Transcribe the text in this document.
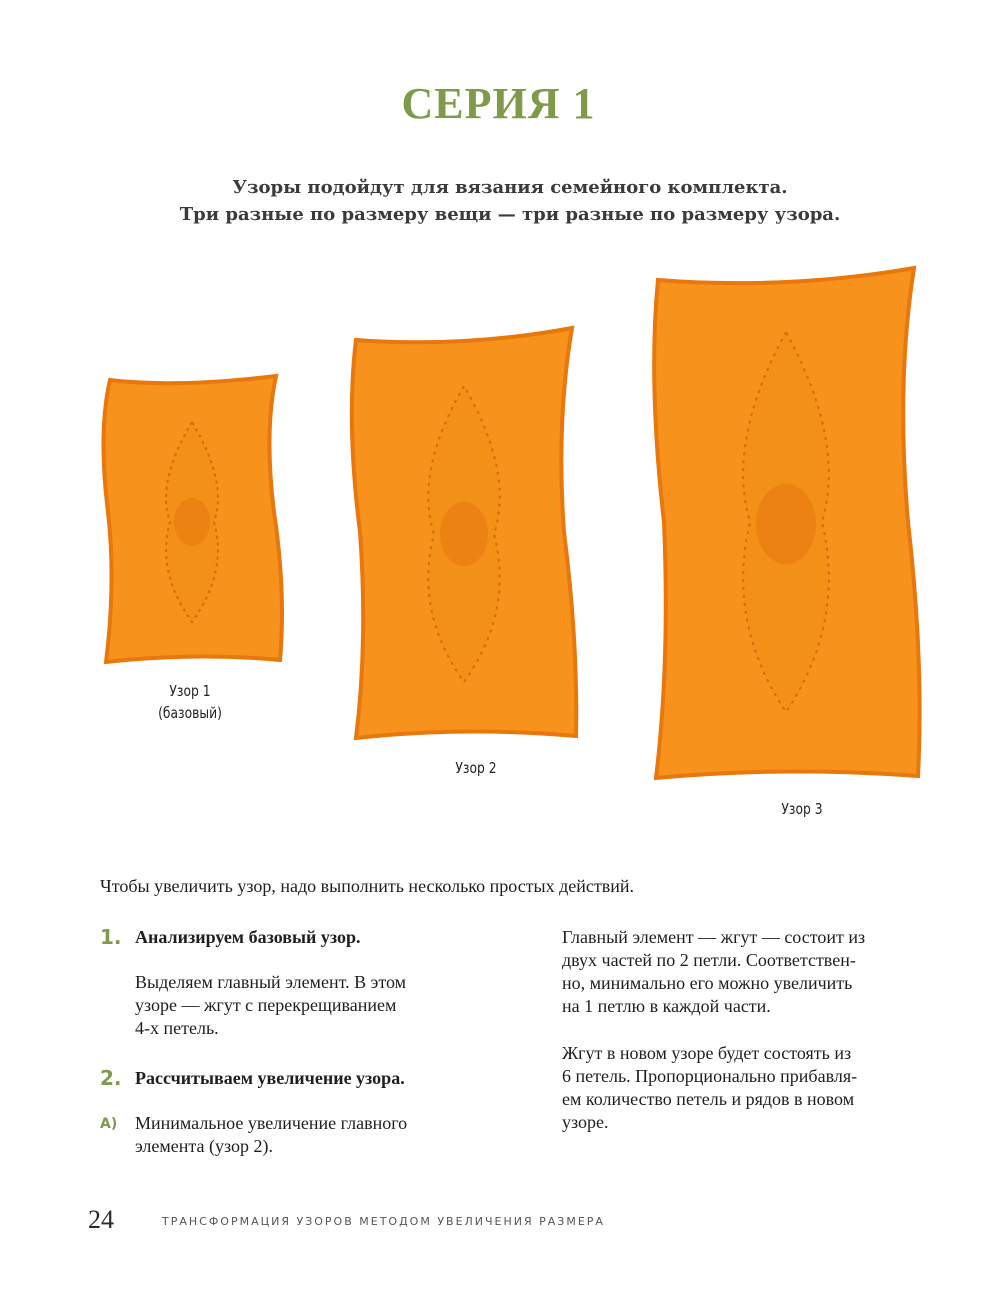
СЕРИЯ 1
Узоры подойдут для вязания семейного комплекта.
Три разные по размеру вещи — три разные по размеру узора.
Узор 1
(базовый)
Узор 2
Узор 3
Чтобы увеличить узор, надо выполнить несколько простых действий.
1. Анализируем базовый узор.
Выделяем главный элемент. В этом
узоре — жгут с перекрещиванием
4-х петель.
2. Рассчитываем увеличение узора.
А) Минимальное увеличение главного
элемента (узор 2).
Главный элемент — жгут — состоит из
двух частей по 2 петли. Соответствен-
но, минимально его можно увеличить
на 1 петлю в каждой части.
Жгут в новом узоре будет состоять из
6 петель. Пропорционально прибавля-
ем количество петель и рядов в новом
узоре.
24	ТРАНСФОРМАЦИЯ УЗОРОВ МЕТОДОМ УВЕЛИЧЕНИЯ РАЗМЕРА
